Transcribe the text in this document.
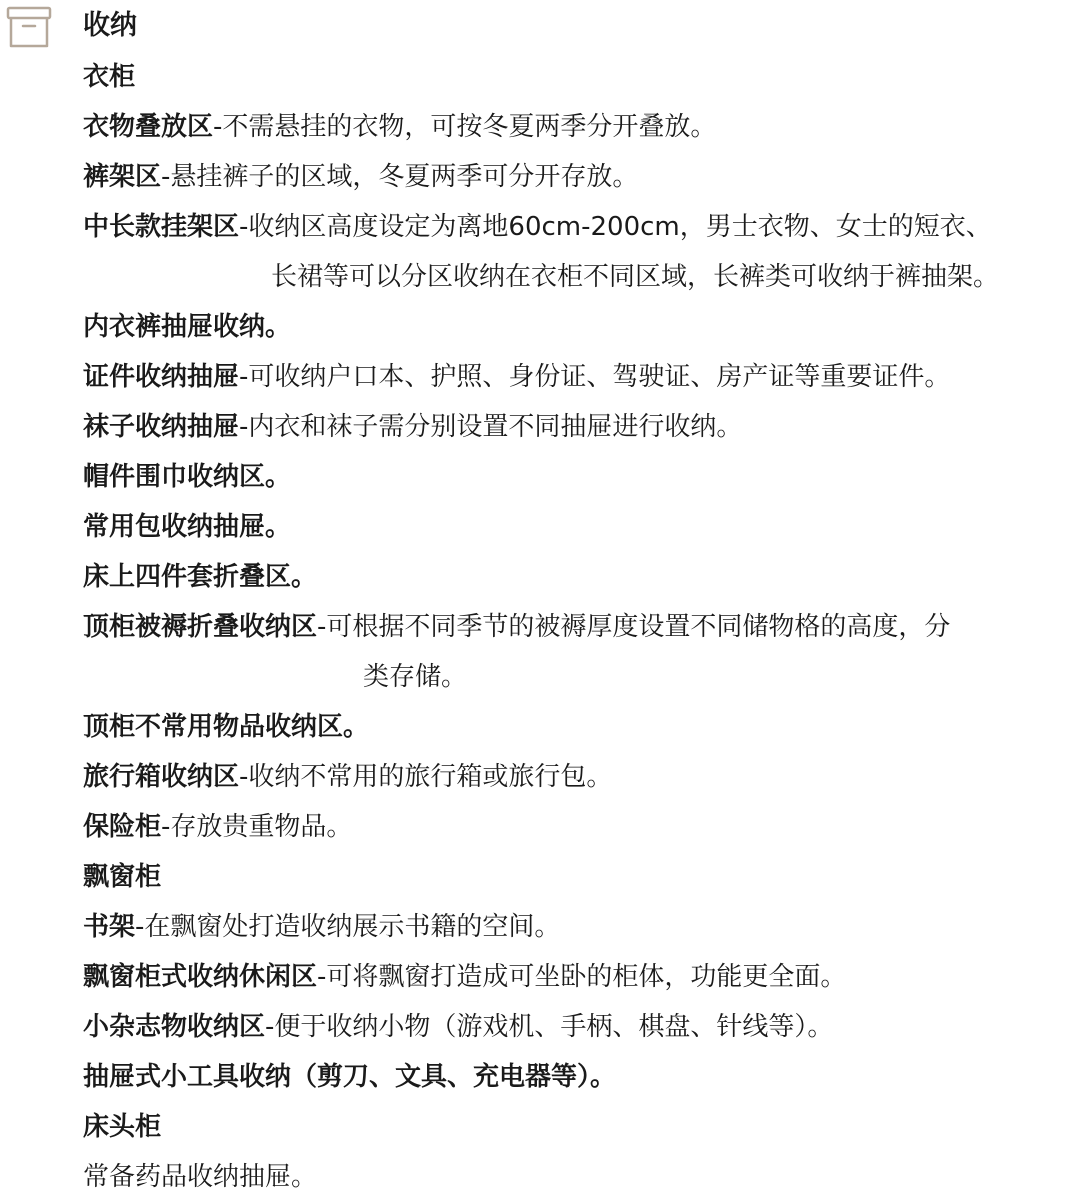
收纳
衣柜
衣物叠放区-不需悬挂的衣物，可按冬夏两季分开叠放。
裤架区-悬挂裤子的区域，冬夏两季可分开存放。
中长款挂架区-收纳区高度设定为离地60cm-200cm，男士衣物、女士的短衣、
长裙等可以分区收纳在衣柜不同区域，长裤类可收纳于裤抽架。
内衣裤抽屉收纳。
证件收纳抽屉-可收纳户口本、护照、身份证、驾驶证、房产证等重要证件。
袜子收纳抽屉-内衣和袜子需分别设置不同抽屉进行收纳。
帽件围巾收纳区。
常用包收纳抽屉。
床上四件套折叠区。
顶柜被褥折叠收纳区-可根据不同季节的被褥厚度设置不同储物格的高度，分
类存储。
顶柜不常用物品收纳区。
旅行箱收纳区-收纳不常用的旅行箱或旅行包。
保险柜-存放贵重物品。
飘窗柜
书架-在飘窗处打造收纳展示书籍的空间。
飘窗柜式收纳休闲区-可将飘窗打造成可坐卧的柜体，功能更全面。
小杂志物收纳区-便于收纳小物（游戏机、手柄、棋盘、针线等）。
抽屉式小工具收纳（剪刀、文具、充电器等）。
床头柜
常备药品收纳抽屉。
